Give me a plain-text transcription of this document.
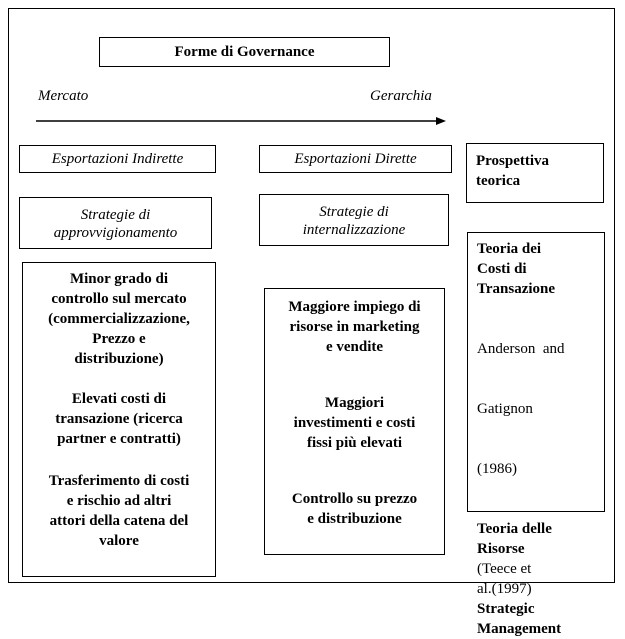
Forme di Governance
Mercato	Gerarchia
Esportazioni Indirette
Strategie di
approvvigionamento
Minor grado di
controllo sul mercato
(commercializzazione,
Prezzo e
distribuzione)
Elevati costi di
transazione (ricerca
partner e contratti)
Trasferimento di costi
e rischio ad altri
attori della catena del
valore
Esportazioni Dirette
Strategie di
internalizzazione
Maggiore impiego di
risorse in marketing
e vendite
Maggiori
investimenti e costi
fissi più elevati
Controllo su prezzo
e distribuzione
Prospettiva
teorica
Teoria dei
Costi di
Transazione

Anderson  and

Gatignon

(1986)

Teoria delle
Risorse
(Teece et
al.(1997)
Strategic
Management
